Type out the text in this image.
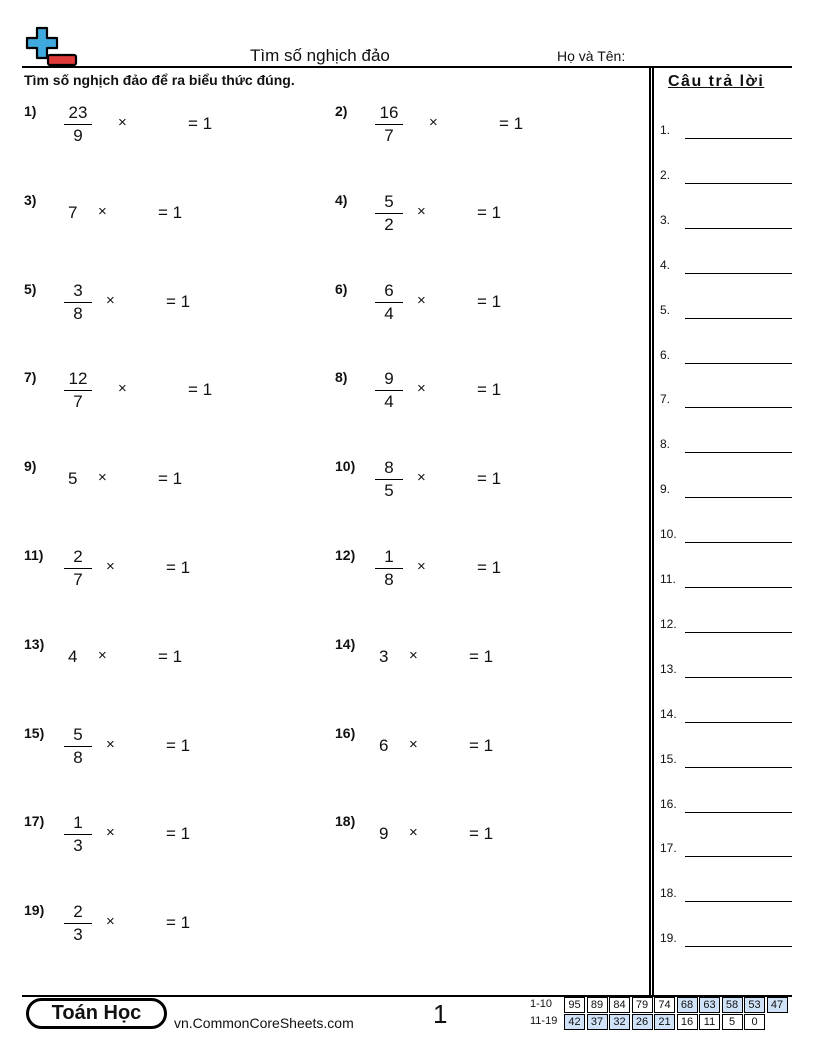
Tìm số nghịch đảo	Họ và Tên:
Tìm số nghịch đảo để ra biểu thức đúng.	Câu trả lời
1.
2.
3.
4.
5.
6.
7.
8.
9.
10.
11.
12.
13.
14.
15.
16.
17.
18.
19.
1)	23
9
×	= 1
2)	16
7
×	= 1
3)
7 ×	= 1
4)	5
2
×	= 1
5)	3
8
×	= 1
6)	6
4
×	= 1
7)	12
7
×	= 1
8)	9
4
×	= 1
9)
5 ×	= 1
10)	8
5
×	= 1
11)	2
7
×	= 1
12)	1
8
×	= 1
13)
4 ×	= 1
14)
3 ×	= 1
15)	5
8
×	= 1
16)
6 ×	= 1
17)	1
3
×	= 1
18)
9 ×	= 1
19)	2
3
×	= 1
Toán Học	vn.CommonCoreSheets.com	1	1-10	95 89 84 79 74 68 63 58 53 47
11-19	42 37 32 26 21 16 11	5	0
